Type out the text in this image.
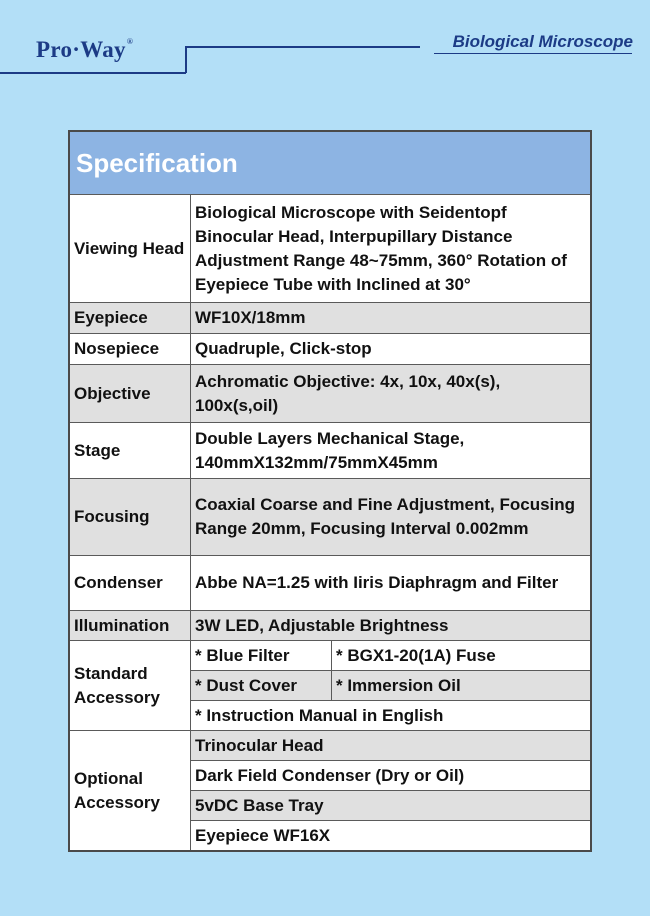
Pro·Way®	Biological Microscope
Specification		
Viewing Head	Biological Microscope with Seidentopf Binocular Head, Interpupillary Distance Adjustment Range 48~75mm, 360° Rotation of Eyepiece Tube with Inclined at 30°	
Eyepiece	WF10X/18mm	
Nosepiece	Quadruple, Click-stop	
Objective	Achromatic Objective: 4x, 10x, 40x(s), 100x(s,oil)	
Stage	Double Layers Mechanical Stage, 140mmX132mm/75mmX45mm	
Focusing	Coaxial Coarse and Fine Adjustment, Focusing Range 20mm, Focusing Interval 0.002mm	
Condenser	Abbe NA=1.25 with Iiris Diaphragm and Filter	
Illumination	3W LED, Adjustable Brightness	
Standard Accessory	* Blue Filter	* BGX1-20(1A) Fuse
	* Dust Cover	* Immersion Oil
	* Instruction Manual in English	
Optional Accessory	Trinocular Head	
	Dark Field Condenser (Dry or Oil)	
	5vDC Base Tray	
	Eyepiece WF16X	
